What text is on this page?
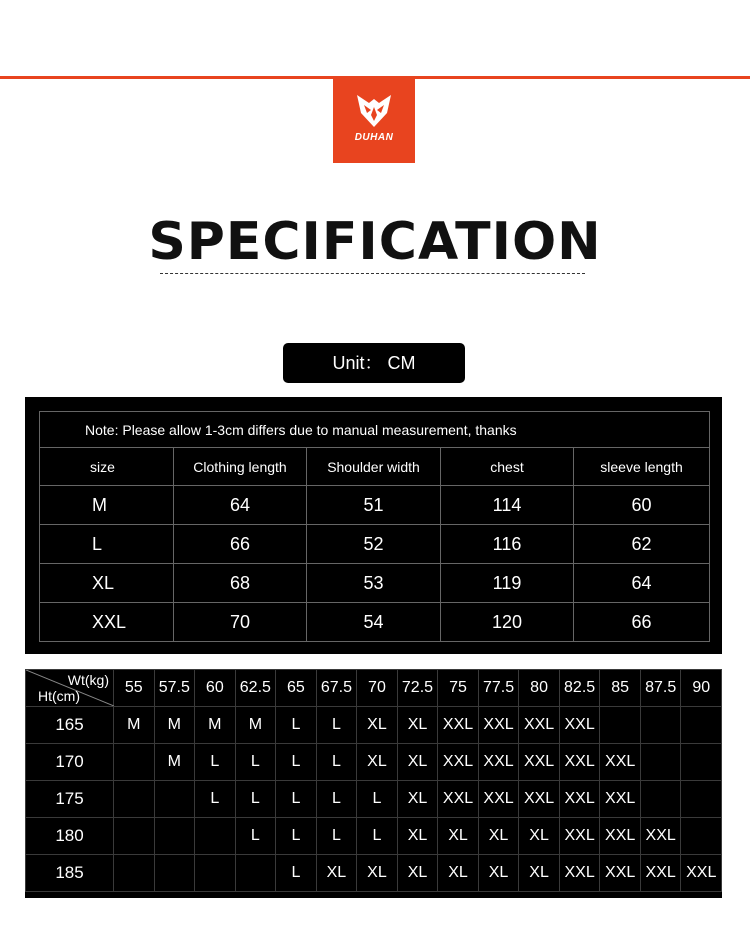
DUHAN
SPECIFICATION
Unit： CM
Note: Please allow 1-3cm differs due to manual measurement, thanks				
size	Clothing length	Shoulder width	chest	sleeve length
M	64	51	114	60
L	66	52	116	62
XL	68	53	119	64
XXL	70	54	120	66
Wt(kg)
Ht(cm)	55	57.5	60	62.5	65	67.5	70	72.5	75	77.5	80	82.5	85	87.5	90
165	M	M	M	M	L	L	XL	XL	XXL	XXL	XXL	XXL			
170		M	L	L	L	L	XL	XL	XXL	XXL	XXL	XXL	XXL		
175			L	L	L	L	L	XL	XXL	XXL	XXL	XXL	XXL		
180				L	L	L	L	XL	XL	XL	XL	XXL	XXL	XXL	
185					L	XL	XL	XL	XL	XL	XL	XXL	XXL	XXL	XXL
